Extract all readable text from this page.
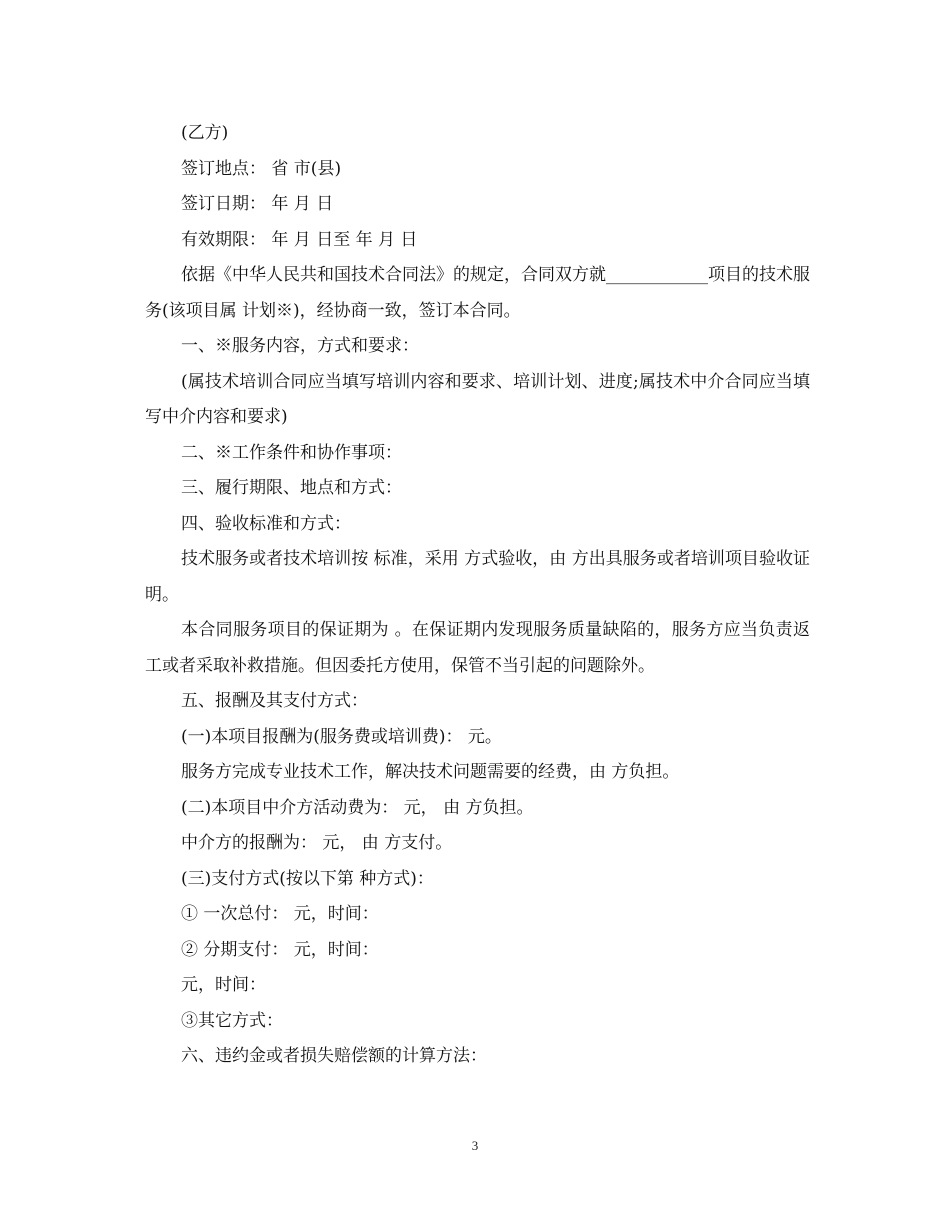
(乙方)

签订地点： 省 市(县)

签订日期： 年 月 日

有效期限： 年 月 日至 年 月 日

依据《中华人民共和国技术合同法》的规定，合同双方就____________项目的技术服务(该项目属 计划※)，经协商一致，签订本合同。

一、※服务内容，方式和要求：

(属技术培训合同应当填写培训内容和要求、培训计划、进度;属技术中介合同应当填写中介内容和要求)

二、※工作条件和协作事项：

三、履行期限、地点和方式：

四、验收标准和方式：

技术服务或者技术培训按 标准，采用 方式验收，由 方出具服务或者培训项目验收证明。

本合同服务项目的保证期为 。在保证期内发现服务质量缺陷的，服务方应当负责返工或者采取补救措施。但因委托方使用，保管不当引起的问题除外。

五、报酬及其支付方式：

(一)本项目报酬为(服务费或培训费)： 元。

服务方完成专业技术工作，解决技术问题需要的经费，由 方负担。

(二)本项目中介方活动费为： 元， 由 方负担。

中介方的报酬为： 元， 由 方支付。

(三)支付方式(按以下第 种方式)：

① 一次总付： 元，时间：

② 分期支付： 元，时间：

元，时间：

③其它方式：

六、违约金或者损失赔偿额的计算方法：

3
